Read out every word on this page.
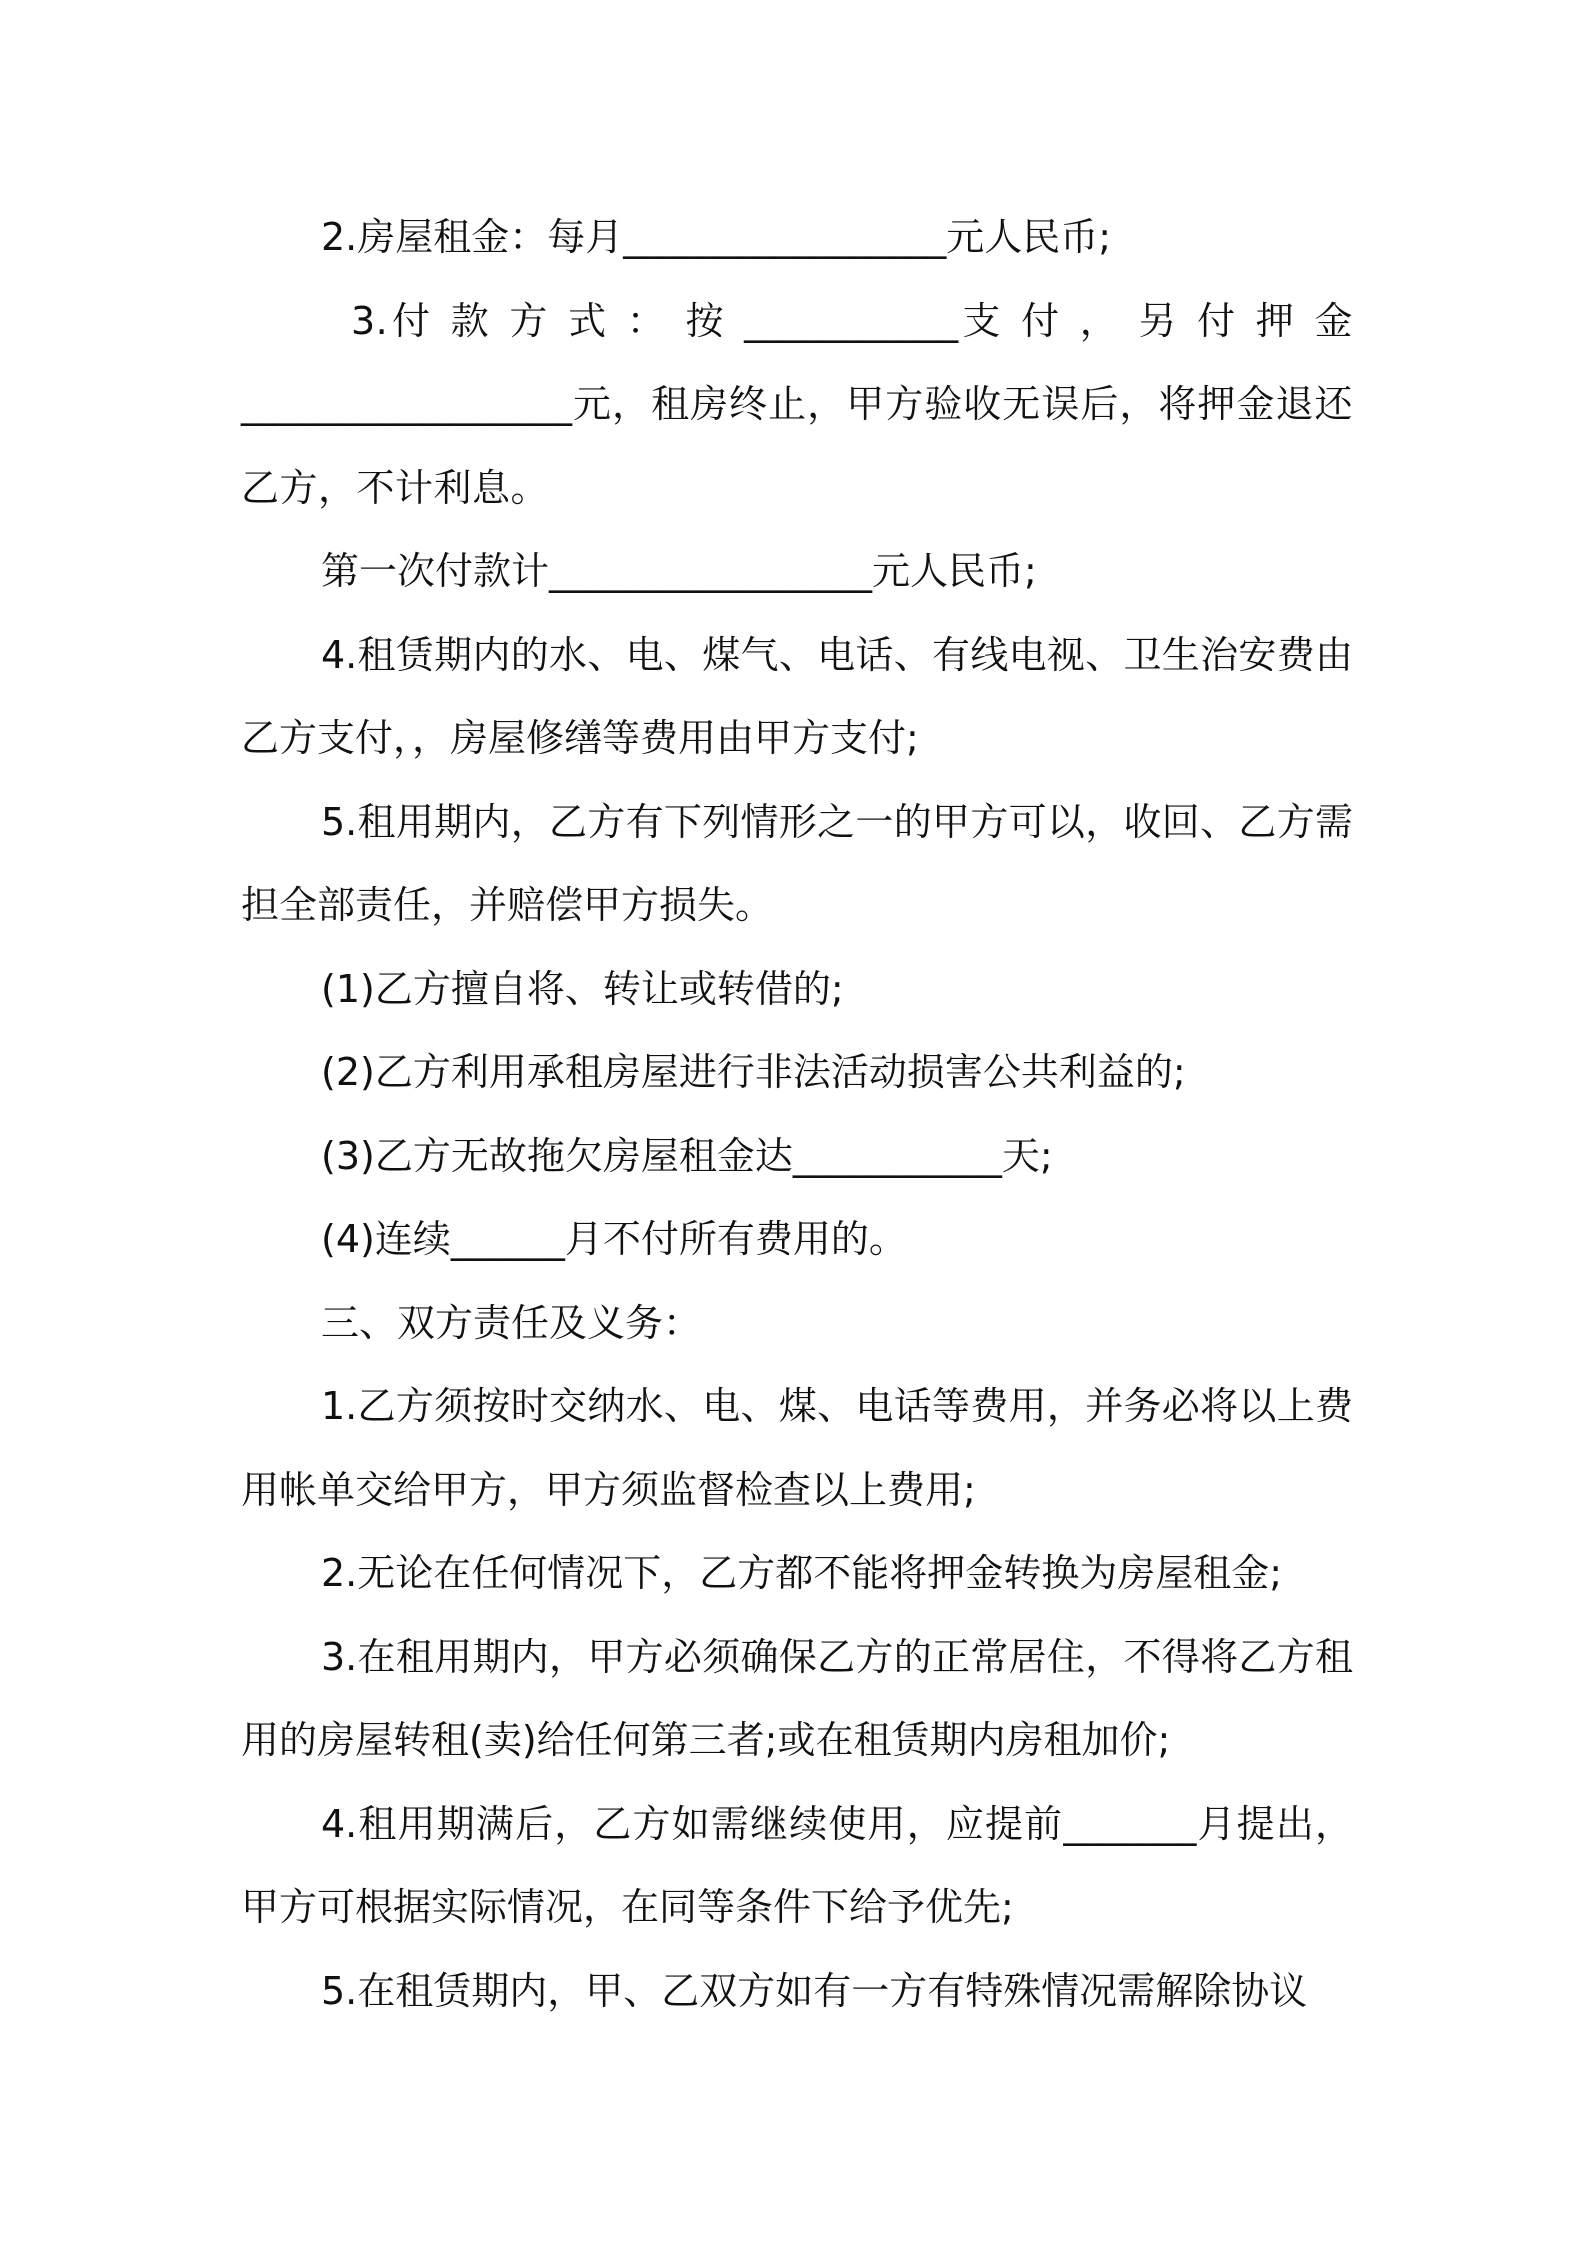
2.房屋租金：每月_________________元人民币;

3.付 款 方 式 ： 按 ___________支 付 ， 另 付 押 金 _________________元，租房终止，甲方验收无误后，将押金退还乙方，不计利息。

第一次付款计_________________元人民币;

4.租赁期内的水、电、煤气、电话、有线电视、卫生治安费由乙方支付，，房屋修缮等费用由甲方支付;

5.租用期内，乙方有下列情形之一的甲方可以，收回、乙方需担全部责任，并赔偿甲方损失。

(1)乙方擅自将、转让或转借的;

(2)乙方利用承租房屋进行非法活动损害公共利益的;

(3)乙方无故拖欠房屋租金达___________天;

(4)连续______月不付所有费用的。

三、双方责任及义务：

1.乙方须按时交纳水、电、煤、电话等费用，并务必将以上费用帐单交给甲方，甲方须监督检查以上费用;

2.无论在任何情况下，乙方都不能将押金转换为房屋租金;

3.在租用期内，甲方必须确保乙方的正常居住，不得将乙方租用的房屋转租(卖)给任何第三者;或在租赁期内房租加价;

4.租用期满后，乙方如需继续使用，应提前_______月提出，甲方可根据实际情况，在同等条件下给予优先;

5.在租赁期内，甲、乙双方如有一方有特殊情况需解除协议
